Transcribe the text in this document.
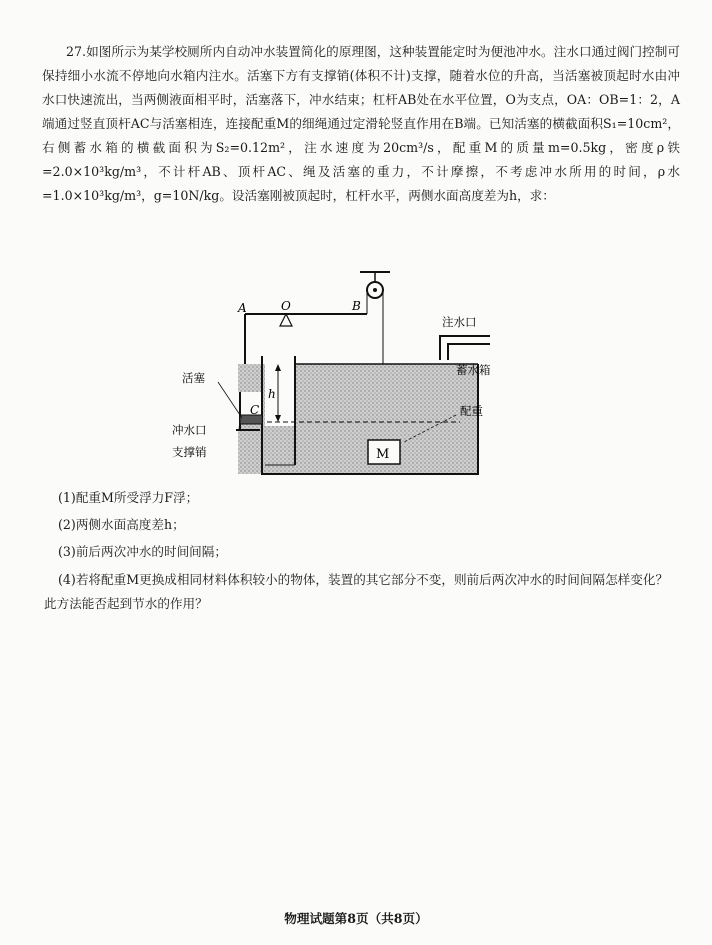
27.如图所示为某学校厕所内自动冲水装置简化的原理图，这种装置能定时为便池冲水。注水口通过阀门控制可保持细小水流不停地向水箱内注水。活塞下方有支撑销(体积不计)支撑，随着水位的升高，当活塞被顶起时水由冲水口快速流出，当两侧液面相平时，活塞落下，冲水结束；杠杆AB处在水平位置，O为支点，OA：OB=1：2，A端通过竖直顶杆AC与活塞相连，连接配重M的细绳通过定滑轮竖直作用在B端。已知活塞的横截面积S₁=10cm²，右侧蓄水箱的横截面积为S₂=0.12m²，注水速度为20cm³/s，配重M的质量m=0.5kg，密度ρ铁=2.0×10³kg/m³，不计杆AB、顶杆AC、绳及活塞的重力，不计摩擦，不考虑冲水所用的时间，ρ水=1.0×10³kg/m³，g=10N/kg。设活塞刚被顶起时，杠杆水平，两侧水面高度差为h，求：

A	O	B
C
h
M
注水口
蓄水箱
配重
活塞
冲水口
支撑销
(1)配重M所受浮力F浮；
(2)两侧水面高度差h；
(3)前后两次冲水的时间间隔；
(4)若将配重M更换成相同材料体积较小的物体，装置的其它部分不变，则前后两次冲水的时间间隔怎样变化？此方法能否起到节水的作用？
物理试题第8页（共8页）
